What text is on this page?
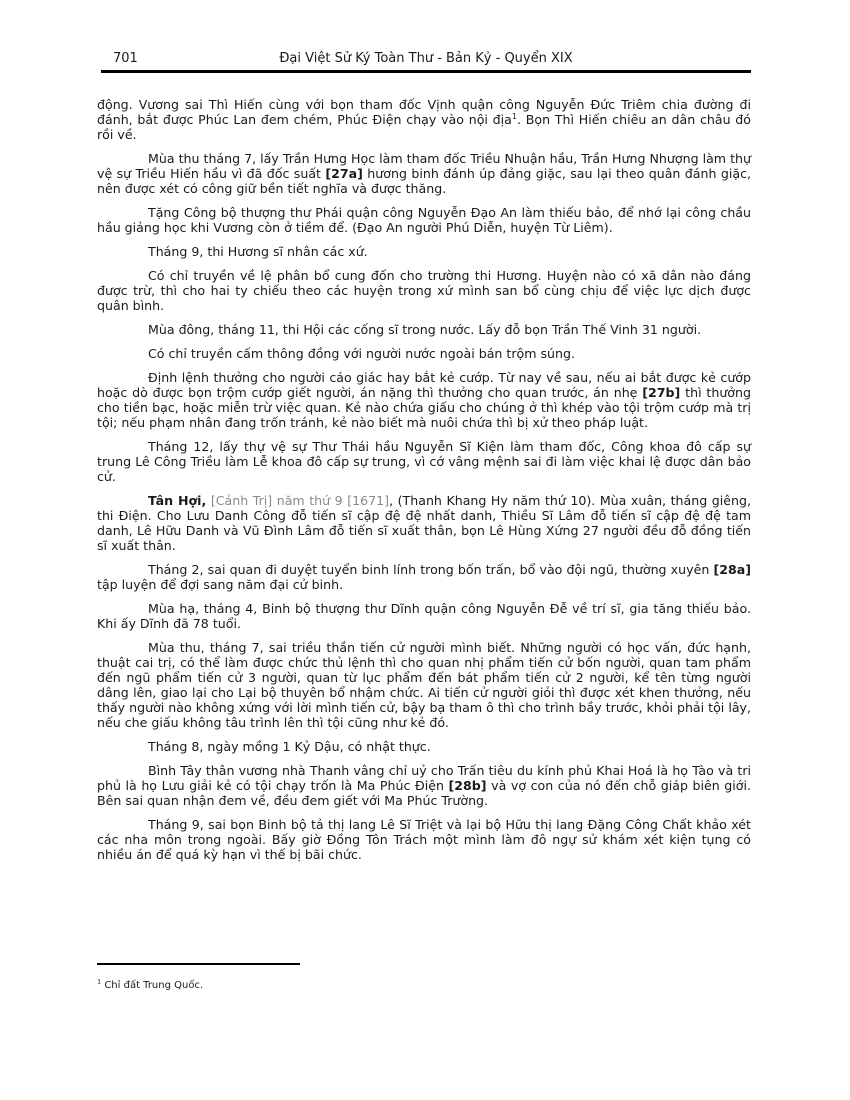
701	Đại Việt Sử Ký Toàn Thư - Bản Kỷ - Quyển XIX

động. Vương sai Thì Hiến cùng với bọn tham đốc Vịnh quận công Nguyễn Đức Triêm chia đường đi đánh, bắt được Phúc Lan đem chém, Phúc Điện chạy vào nội địa$^1$. Bọn Thì Hiến chiêu an dân châu đó rồi về.

Mùa thu tháng 7, lấy Trần Hưng Học làm tham đốc Triều Nhuận hầu, Trần Hưng Nhượng làm thự vệ sự Triều Hiến hầu vì đã đốc suất [27a] hương binh đánh úp đảng giặc, sau lại theo quân đánh giặc, nên được xét có công giữ bền tiết nghĩa và được thăng.

Tặng Công bộ thượng thư Phái quận công Nguyễn Đạo An làm thiếu bảo, để nhớ lại công chầu hầu giảng học khi Vương còn ở tiềm để. (Đạo An người Phú Diễn, huyện Từ Liêm).

Tháng 9, thi Hương sĩ nhân các xứ.

Có chỉ truyền về lệ phân bổ cung đốn cho trường thi Hương. Huyện nào có xã dân nào đáng được trừ, thì cho hai ty chiếu theo các huyện trong xứ mình san bổ cùng chịu để việc lực dịch được quân bình.

Mùa đông, tháng 11, thi Hội các cống sĩ trong nước. Lấy đỗ bọn Trần Thế Vinh 31 người.

Có chỉ truyền cấm thông đồng với người nước ngoài bán trộm súng.

Định lệnh thưởng cho người cáo giác hay bắt kẻ cướp. Từ nay về sau, nếu ai bắt được kẻ cướp hoặc dò được bọn trộm cướp giết người, án nặng thì thưởng cho quan trước, án nhẹ [27b] thì thưởng cho tiền bạc, hoặc miễn trừ việc quan. Kẻ nào chứa giấu cho chúng ở thì khép vào tội trộm cướp mà trị tội; nếu phạm nhân đang trốn tránh, kẻ nào biết mà nuôi chứa thì bị xử theo pháp luật.

Tháng 12, lấy thự vệ sự Thư Thái hầu Nguyễn Sĩ Kiện làm tham đốc, Công khoa đô cấp sự trung Lê Công Triều làm Lễ khoa đô cấp sự trung, vì cớ vâng mệnh sai đi làm việc khai lệ được dân bảo cử.

Tân Hợi, [Cảnh Trị] năm thứ 9 [1671], (Thanh Khang Hy năm thứ 10). Mùa xuân, tháng giêng, thi Điện. Cho Lưu Danh Công đỗ tiến sĩ cập đệ đệ nhất danh, Thiều Sĩ Lâm đỗ tiến sĩ cập đệ đệ tam danh, Lê Hữu Danh và Vũ Đình Lâm đỗ tiến sĩ xuất thân, bọn Lê Hùng Xứng 27 người đều đỗ đồng tiến sĩ xuất thân.

Tháng 2, sai quan đi duyệt tuyển binh lính trong bốn trấn, bổ vào đội ngũ, thường xuyên [28a] tập luyện để đợi sang năm đại cử binh.

Mùa hạ, tháng 4, Binh bộ thượng thư Dĩnh quận công Nguyễn Đễ về trí sĩ, gia tăng thiếu bảo. Khi ấy Dĩnh đã 78 tuổi.

Mùa thu, tháng 7, sai triều thần tiến cử người mình biết. Những người có học vấn, đức hạnh, thuật cai trị, có thể làm được chức thủ lệnh thì cho quan nhị phẩm tiến cử bốn người, quan tam phẩm đến ngũ phẩm tiến cử 3 người, quan từ lục phẩm đến bát phẩm tiến cử 2 người, kể tên từng người dâng lên, giao lại cho Lại bộ thuyên bổ nhậm chức. Ai tiến cử người giỏi thì được xét khen thưởng, nếu thấy người nào không xứng với lời mình tiến cử, bậy bạ tham ô thì cho trình bầy trước, khỏi phải tội lây, nếu che giấu không tâu trình lên thì tội cũng như kẻ đó.

Tháng 8, ngày mồng 1 Kỷ Dậu, có nhật thực.

Bình Tây thân vương nhà Thanh vâng chỉ uỷ cho Trấn tiêu du kính phủ Khai Hoá là họ Tào và tri phủ là họ Lưu giải kẻ có tội chạy trốn là Ma Phúc Điện [28b] và vợ con của nó đến chỗ giáp biên giới. Bên sai quan nhận đem về, đều đem giết với Ma Phúc Trường.

Tháng 9, sai bọn Binh bộ tả thị lang Lê Sĩ Triệt và lại bộ Hữu thị lang Đặng Công Chất khảo xét các nha môn trong ngoài. Bấy giờ Đồng Tôn Trách một mình làm đô ngự sử khám xét kiện tụng có nhiều án để quá kỳ hạn vì thế bị bãi chức.

$^1$ Chỉ đất Trung Quốc.
